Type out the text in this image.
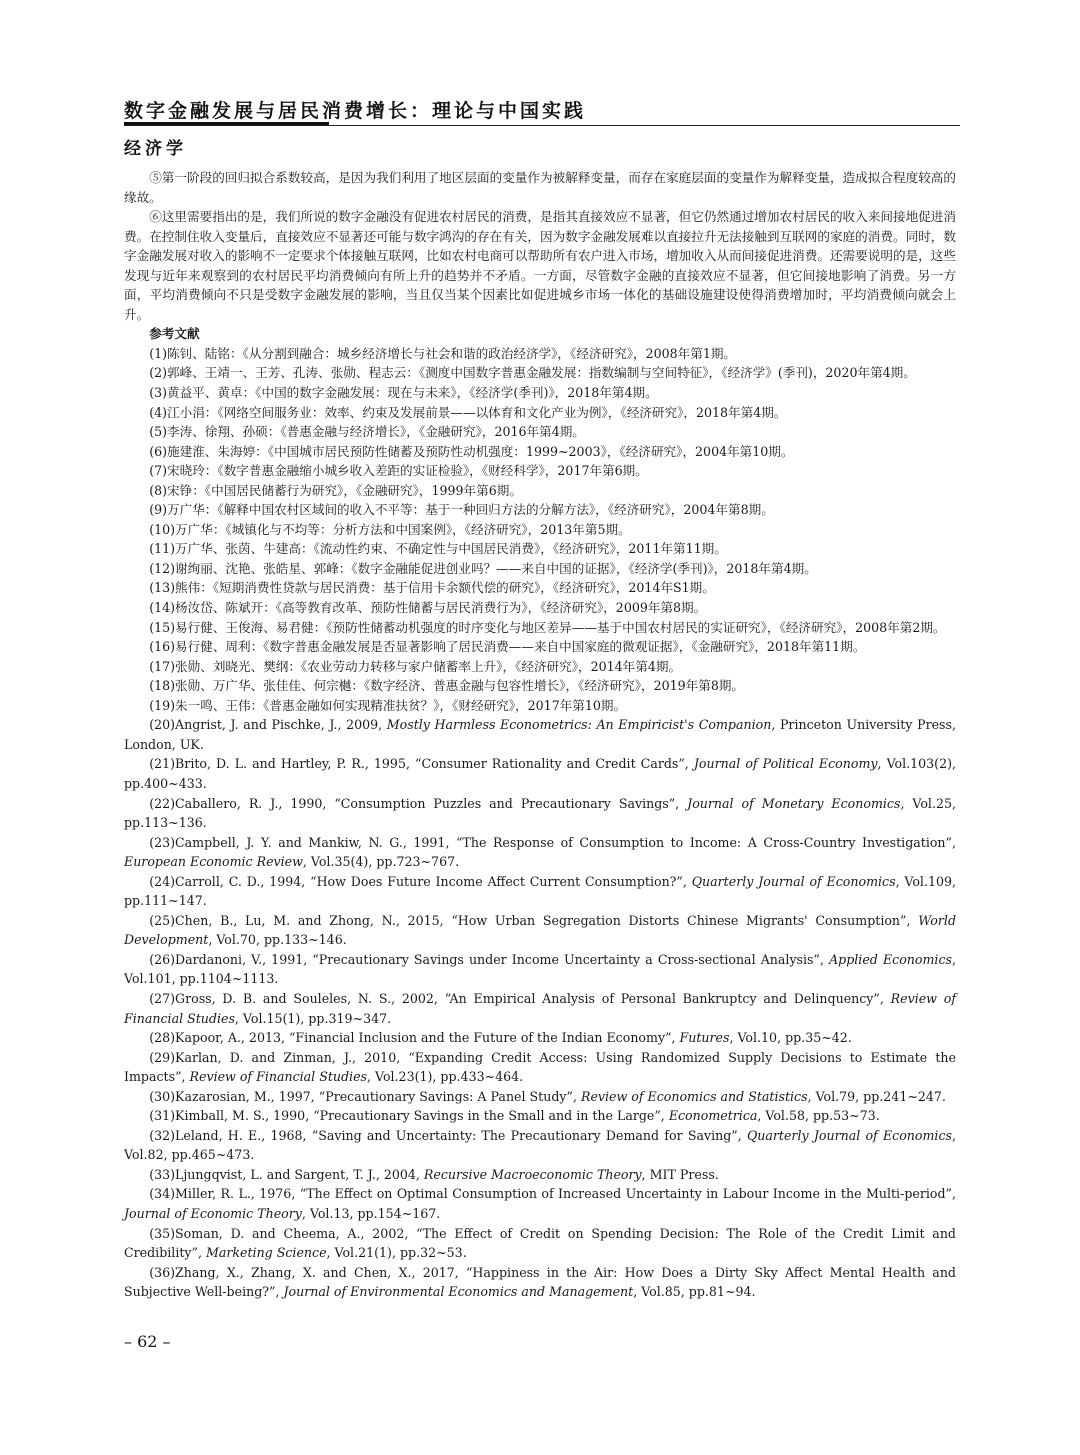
数字金融发展与居民消费增长：理论与中国实践
经济学

⑤第一阶段的回归拟合系数较高，是因为我们利用了地区层面的变量作为被解释变量，而存在家庭层面的变量作为解释变量，造成拟合程度较高的缘故。

⑥这里需要指出的是，我们所说的数字金融没有促进农村居民的消费，是指其直接效应不显著，但它仍然通过增加农村居民的收入来间接地促进消费。在控制住收入变量后，直接效应不显著还可能与数字鸿沟的存在有关，因为数字金融发展难以直接拉升无法接触到互联网的家庭的消费。同时，数字金融发展对收入的影响不一定要求个体接触互联网，比如农村电商可以帮助所有农户进入市场，增加收入从而间接促进消费。还需要说明的是，这些发现与近年来观察到的农村居民平均消费倾向有所上升的趋势并不矛盾。一方面，尽管数字金融的直接效应不显著，但它间接地影响了消费。另一方面，平均消费倾向不只是受数字金融发展的影响，当且仅当某个因素比如促进城乡市场一体化的基础设施建设使得消费增加时，平均消费倾向就会上升。

参考文献

(1)陈钊、陆铭：《从分割到融合：城乡经济增长与社会和谐的政治经济学》，《经济研究》，2008年第1期。

(2)郭峰、王靖一、王芳、孔涛、张勋、程志云：《测度中国数字普惠金融发展：指数编制与空间特征》，《经济学》(季刊)，2020年第4期。

(3)黄益平、黄卓：《中国的数字金融发展：现在与未来》，《经济学(季刊)》，2018年第4期。

(4)江小涓：《网络空间服务业：效率、约束及发展前景——以体育和文化产业为例》，《经济研究》，2018年第4期。

(5)李涛、徐翔、孙硕：《普惠金融与经济增长》，《金融研究》，2016年第4期。

(6)施建淮、朱海婷：《中国城市居民预防性储蓄及预防性动机强度：1999~2003》，《经济研究》，2004年第10期。

(7)宋晓玲：《数字普惠金融缩小城乡收入差距的实证检验》，《财经科学》，2017年第6期。

(8)宋铮：《中国居民储蓄行为研究》，《金融研究》，1999年第6期。

(9)万广华：《解释中国农村区域间的收入不平等：基于一种回归方法的分解方法》，《经济研究》，2004年第8期。

(10)万广华：《城镇化与不均等：分析方法和中国案例》，《经济研究》，2013年第5期。

(11)万广华、张茵、牛建高：《流动性约束、不确定性与中国居民消费》，《经济研究》，2011年第11期。

(12)谢绚丽、沈艳、张皓星、郭峰：《数字金融能促进创业吗？——来自中国的证据》，《经济学(季刊)》，2018年第4期。

(13)熊伟：《短期消费性贷款与居民消费：基于信用卡余额代偿的研究》，《经济研究》，2014年S1期。

(14)杨汝岱、陈斌开：《高等教育改革、预防性储蓄与居民消费行为》，《经济研究》，2009年第8期。

(15)易行健、王俊海、易君健：《预防性储蓄动机强度的时序变化与地区差异——基于中国农村居民的实证研究》，《经济研究》，2008年第2期。

(16)易行健、周利：《数字普惠金融发展是否显著影响了居民消费——来自中国家庭的微观证据》，《金融研究》，2018年第11期。

(17)张勋、刘晓光、樊纲：《农业劳动力转移与家户储蓄率上升》，《经济研究》，2014年第4期。

(18)张勋、万广华、张佳佳、何宗樾：《数字经济、普惠金融与包容性增长》，《经济研究》，2019年第8期。

(19)朱一鸣、王伟：《普惠金融如何实现精准扶贫？》，《财经研究》，2017年第10期。

(20)Angrist, J. and Pischke, J., 2009, Mostly Harmless Econometrics: An Empiricist's Companion, Princeton University Press, London, UK.

(21)Brito, D. L. and Hartley, P. R., 1995, “Consumer Rationality and Credit Cards”, Journal of Political Economy, Vol.103(2), pp.400~433.

(22)Caballero, R. J., 1990, “Consumption Puzzles and Precautionary Savings”, Journal of Monetary Economics, Vol.25, pp.113~136.

(23)Campbell, J. Y. and Mankiw, N. G., 1991, “The Response of Consumption to Income: A Cross-Country Investigation”, European Economic Review, Vol.35(4), pp.723~767.

(24)Carroll, C. D., 1994, “How Does Future Income Affect Current Consumption?”, Quarterly Journal of Economics, Vol.109, pp.111~147.

(25)Chen, B., Lu, M. and Zhong, N., 2015, “How Urban Segregation Distorts Chinese Migrants' Consumption”, World Development, Vol.70, pp.133~146.

(26)Dardanoni, V., 1991, “Precautionary Savings under Income Uncertainty a Cross-sectional Analysis”, Applied Economics, Vol.101, pp.1104~1113.

(27)Gross, D. B. and Souleles, N. S., 2002, “An Empirical Analysis of Personal Bankruptcy and Delinquency”, Review of Financial Studies, Vol.15(1), pp.319~347.

(28)Kapoor, A., 2013, “Financial Inclusion and the Future of the Indian Economy”, Futures, Vol.10, pp.35~42.

(29)Karlan, D. and Zinman, J., 2010, “Expanding Credit Access: Using Randomized Supply Decisions to Estimate the Impacts”, Review of Financial Studies, Vol.23(1), pp.433~464.

(30)Kazarosian, M., 1997, “Precautionary Savings: A Panel Study”, Review of Economics and Statistics, Vol.79, pp.241~247.

(31)Kimball, M. S., 1990, “Precautionary Savings in the Small and in the Large”, Econometrica, Vol.58, pp.53~73.

(32)Leland, H. E., 1968, “Saving and Uncertainty: The Precautionary Demand for Saving”, Quarterly Journal of Economics, Vol.82, pp.465~473.

(33)Ljungqvist, L. and Sargent, T. J., 2004, Recursive Macroeconomic Theory, MIT Press.

(34)Miller, R. L., 1976, “The Effect on Optimal Consumption of Increased Uncertainty in Labour Income in the Multi-period”, Journal of Economic Theory, Vol.13, pp.154~167.

(35)Soman, D. and Cheema, A., 2002, “The Effect of Credit on Spending Decision: The Role of the Credit Limit and Credibility”, Marketing Science, Vol.21(1), pp.32~53.

(36)Zhang, X., Zhang, X. and Chen, X., 2017, “Happiness in the Air: How Does a Dirty Sky Affect Mental Health and Subjective Well-being?”, Journal of Environmental Economics and Management, Vol.85, pp.81~94.

– 62 –
